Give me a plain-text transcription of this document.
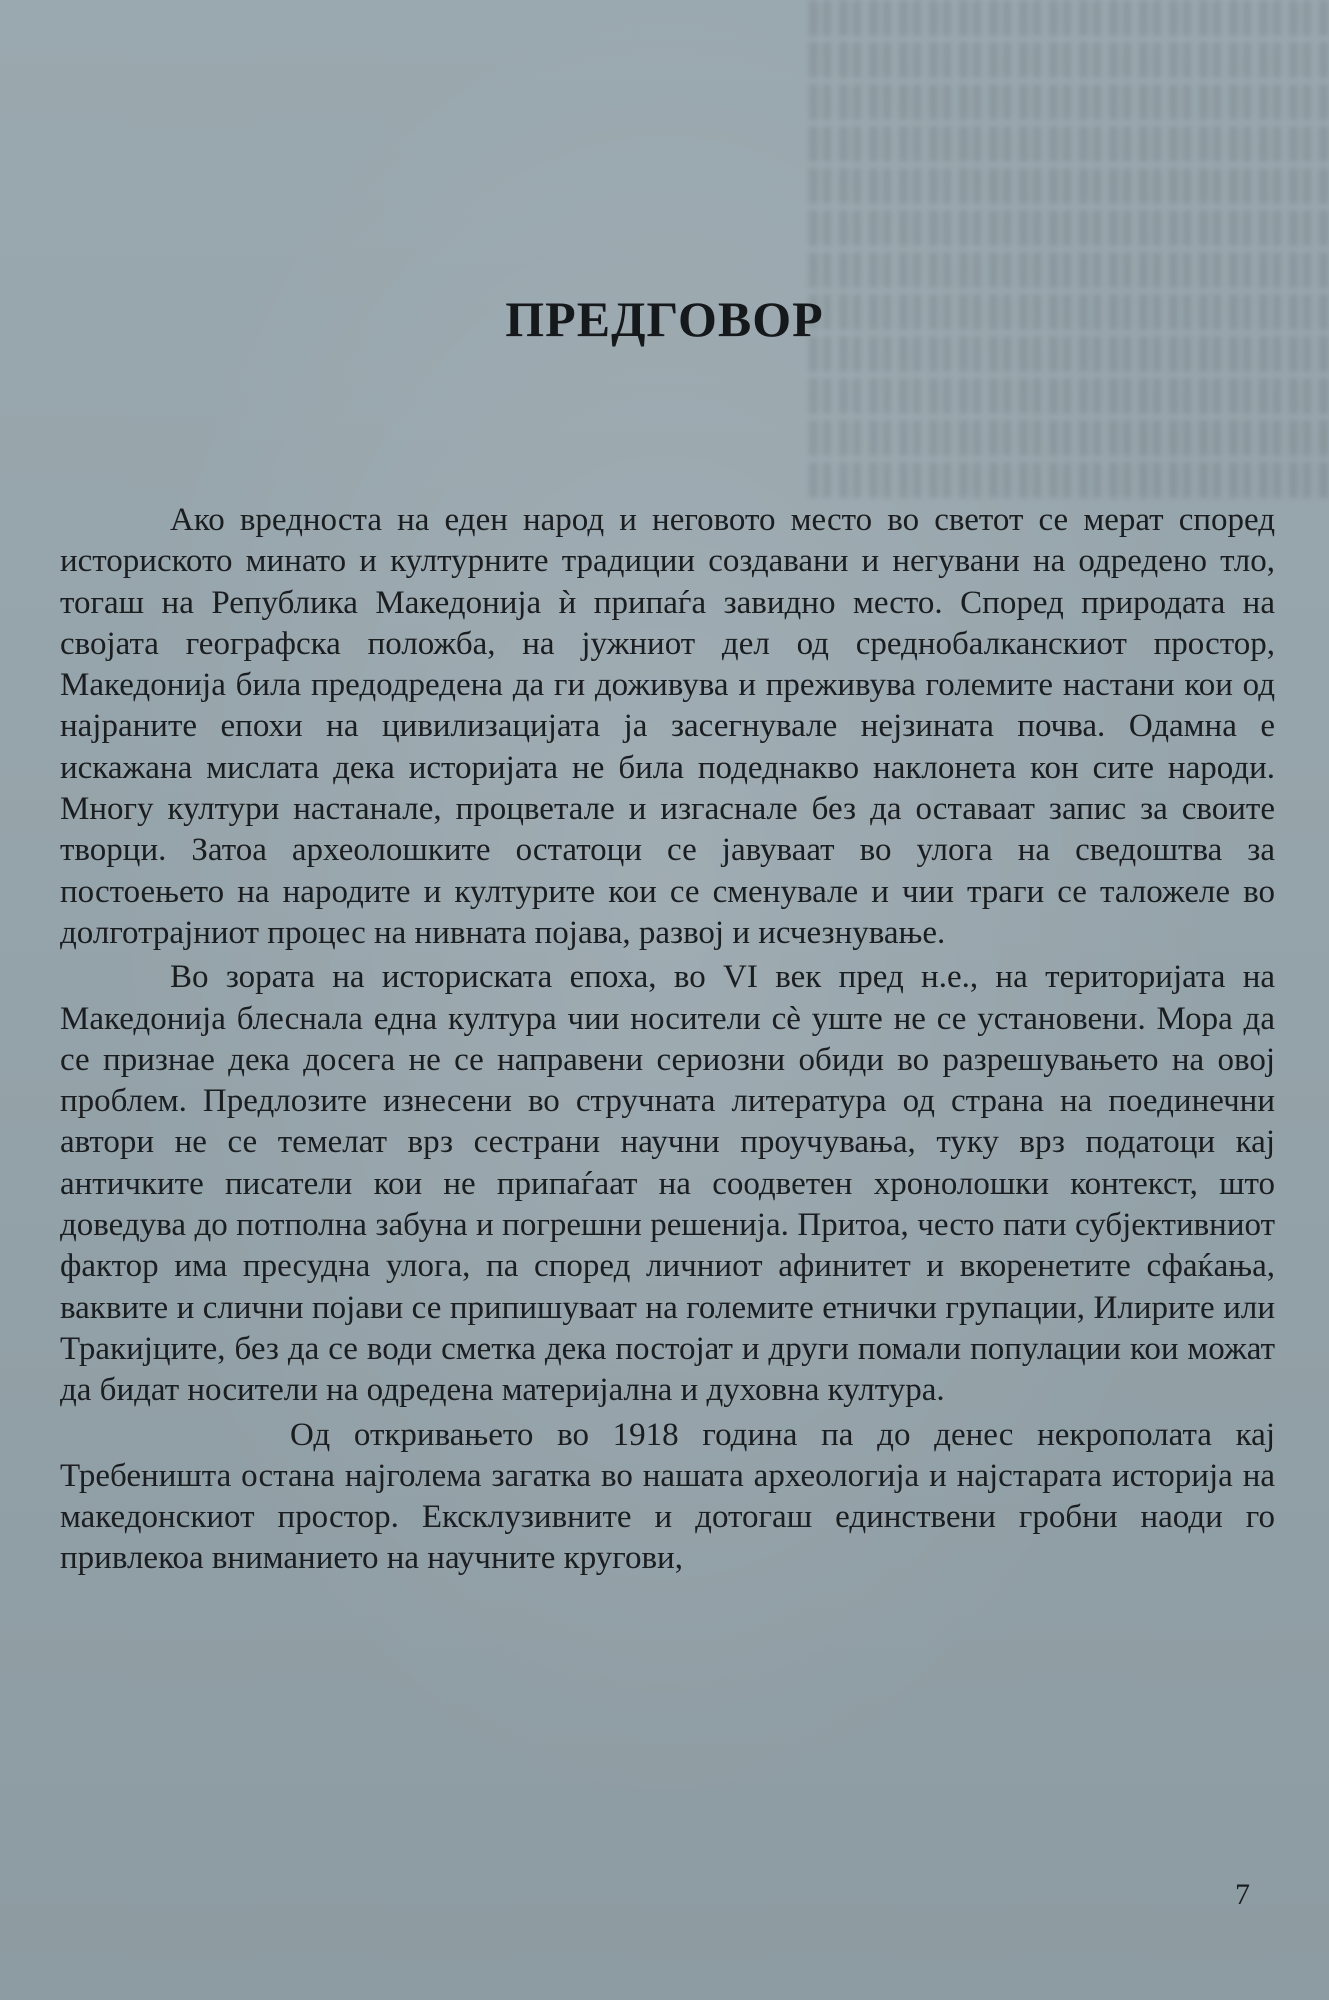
ПРЕДГОВОР

Ако вредноста на еден народ и неговото место во светот се мерат според историското минато и културните традиции создавани и негувани на одредено тло, тогаш на Република Македонија ѝ припаѓа завидно место. Според природата на својата географска положба, на јужниот дел од среднобалканскиот простор, Македонија била предодредена да ги доживува и преживува големите настани кои од најраните епохи на цивилизацијата ја засегнувале нејзината почва. Одамна е искажана мислата дека историјата не била подеднакво наклонета кон сите народи. Многу култури настанале, процветале и изгаснале без да оставаат запис за своите творци. Затоа археолошките остатоци се јавуваат во улога на сведоштва за постоењето на народите и културите кои се сменувале и чии траги се таложеле во долготрајниот процес на нивната појава, развој и исчезнување.

Во зората на историската епоха, во VI век пред н.е., на територијата на Македонија блеснала една култура чии носители сè уште не се установени. Мора да се признае дека досега не се направени сериозни обиди во разрешувањето на овој проблем. Предлозите изнесени во стручната литература од страна на поединечни автори не се темелат врз сестрани научни проучувања, туку врз податоци кај античките писатели кои не припаѓаат на соодветен хронолошки контекст, што доведува до потполна забуна и погрешни решенија. Притоа, често пати субјективниот фактор има пресудна улога, па според личниот афинитет и вкоренетите сфаќања, ваквите и слични појави се припишуваат на големите етнички групации, Илирите или Тракијците, без да се води сметка дека постојат и други помали популации кои можат да бидат носители на одредена материјална и духовна култура.

Од откривањето во 1918 година па до денес некрополата кај Требеништа остана најголема загатка во нашата археологија и најстарата историја на македонскиот простор. Ексклузивните и дотогаш единствени гробни наоди го привлекоа вниманието на научните кругови,

7
